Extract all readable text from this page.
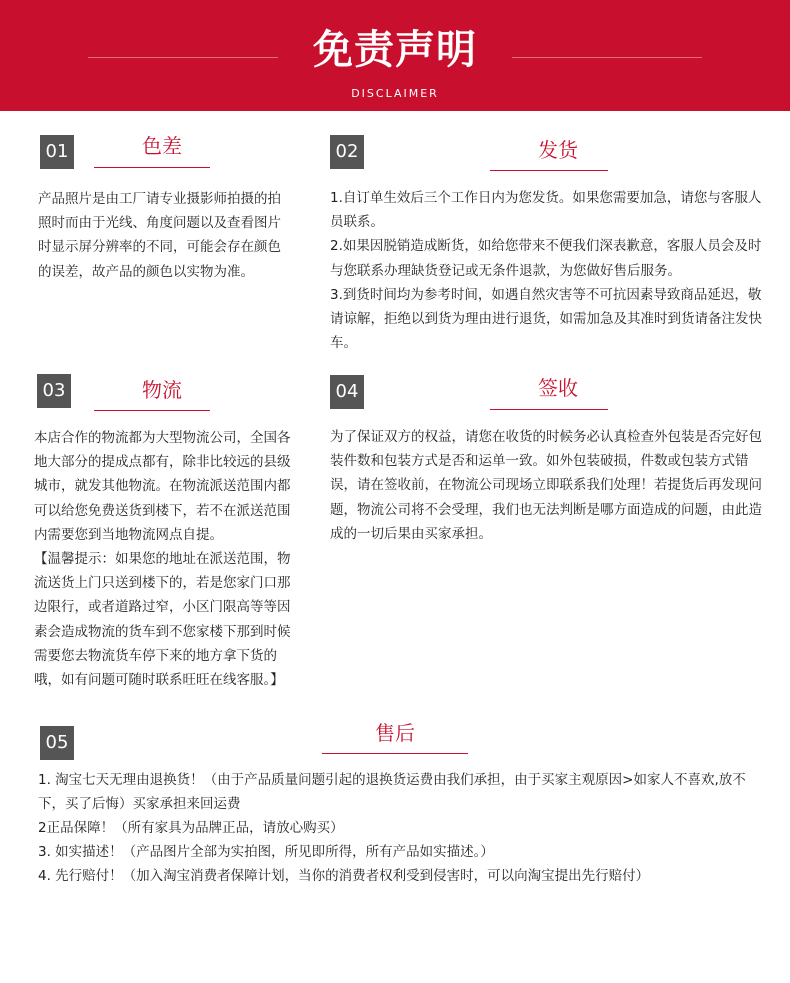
免责声明
DISCLAIMER
01	色差

产品照片是由工厂请专业摄影师拍摄的拍照时而由于光线、角度问题以及查看图片时显示屏分辨率的不同，可能会存在颜色的误差，故产品的颜色以实物为准。

02	发货

1.自订单生效后三个工作日内为您发货。如果您需要加急，请您与客服人员联系。

2.如果因脱销造成断货，如给您带来不便我们深表歉意，客服人员会及时与您联系办理缺货登记或无条件退款，为您做好售后服务。

3.到货时间均为参考时间，如遇自然灾害等不可抗因素导致商品延迟，敬请谅解，拒绝以到货为理由进行退货，如需加急及其准时到货请备注发快车。

03	物流

本店合作的物流都为大型物流公司，全国各地大部分的提成点都有，除非比较远的县级城市，就发其他物流。在物流派送范围内都可以给您免费送货到楼下，若不在派送范围内需要您到当地物流网点自提。

【温馨提示：如果您的地址在派送范围，物流送货上门只送到楼下的，若是您家门口那边限行，或者道路过窄，小区门限高等等因素会造成物流的货车到不您家楼下那到时候需要您去物流货车停下来的地方拿下货的哦，如有问题可随时联系旺旺在线客服。】

04	签收

为了保证双方的权益，请您在收货的时候务必认真检查外包装是否完好包装件数和包装方式是否和运单一致。如外包装破损，件数或包装方式错误，请在签收前，在物流公司现场立即联系我们处理！若提货后再发现问题，物流公司将不会受理，我们也无法判断是哪方面造成的问题，由此造成的一切后果由买家承担。

05	售后

1. 淘宝七天无理由退换货！（由于产品质量问题引起的退换货运费由我们承担，由于买家主观原因>如家人不喜欢,放不下，买了后悔）买家承担来回运费

2正品保障！（所有家具为品牌正品，请放心购买）

3. 如实描述！（产品图片全部为实拍图，所见即所得，所有产品如实描述。）

4. 先行赔付！（加入淘宝消费者保障计划，当你的消费者权利受到侵害时，可以向淘宝提出先行赔付）
